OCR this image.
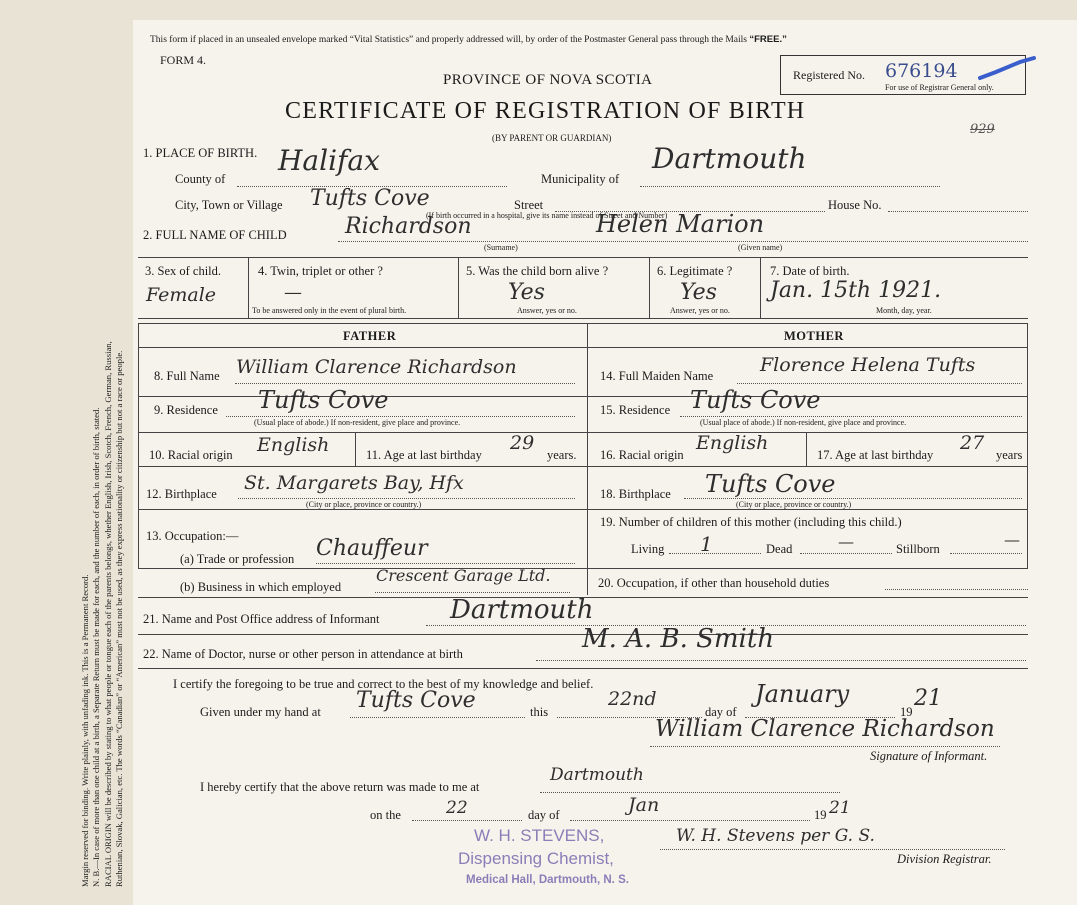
Margin reserved for binding. Write plainly, with unfading ink. This is a Permanent Record. N. B.—In case of more than one child at a birth, a Separate Return must be made for each, and the number of each, in order of birth, stated. RACIAL ORIGIN will be described by stating to what people or tongue each of the parents belongs, whether English, Irish, Scotch, French, German, Russian, Ruthenian, Slovak, Galician, etc. The words “Canadian” or “American” must not be used, as they express nationality or citizenship but not a race or people.
This form if placed in an unsealed envelope marked “Vital Statistics” and properly addressed will, by order of the Postmaster General pass through the Mails “FREE.”
FORM 4.
PROVINCE OF NOVA SCOTIA
CERTIFICATE OF REGISTRATION OF BIRTH
(BY PARENT OR GUARDIAN)
Registered No. 676194
For use of Registrar General only.
929
1. PLACE OF BIRTH.
County of
Halifax
Municipality of
Dartmouth
City, Town or Village Tufts Cove	Street	House No.
(If birth occurred in a hospital, give its name instead of Street and Number)
2. FULL NAME OF CHILD	Richardson	Helen Marion
(Surname)	(Given name)
3. Sex of child.
Female
4. Twin, triplet or other ?
—
To be answered only in the event of plural birth.
5. Was the child born alive ?
Yes
Answer, yes or no.
6. Legitimate ?
Yes
Answer, yes or no.
7. Date of birth.
Jan. 15th 1921.
Month, day, year.
FATHER	MOTHER
8. Full Name William Clarence Richardson
9. Residence Tufts Cove
(Usual place of abode.) If non-resident, give place and province.
10. Racial origin English	11. Age at last birthday
29
years.
12. Birthplace St. Margarets Bay, Hfx
(City or place, province or country.)
14. Full Maiden Name Florence Helena Tufts
15. Residence Tufts Cove
(Usual place of abode.) If non-resident, give place and province.
16. Racial origin
English
17. Age at last birthday
27
years
18. Birthplace Tufts Cove
(City or place, province or country.)
13. Occupation:—
(a) Trade or profession Chauffeur
19. Number of children of this mother (including this child.)
Living 1	Dead	—	Stillborn	—
(b) Business in which employed
Crescent Garage Ltd.	20. Occupation, if other than household duties
21. Name and Post Office address of Informant	Dartmouth
22. Name of Doctor, nurse or other person in attendance at birth	M. A. B. Smith
I certify the foregoing to be true and correct to the best of my knowledge and belief.
Given under my hand at Tufts Cove	this
22nd
day of
January
19
21
William Clarence Richardson
Signature of Informant.
I hereby certify that the above return was made to me at
Dartmouth
on the	22	day of	Jan	19 21
W. H. Stevens per G. S.
Division Registrar.
W. H. STEVENS,
Dispensing Chemist,
Medical Hall, Dartmouth, N. S.
